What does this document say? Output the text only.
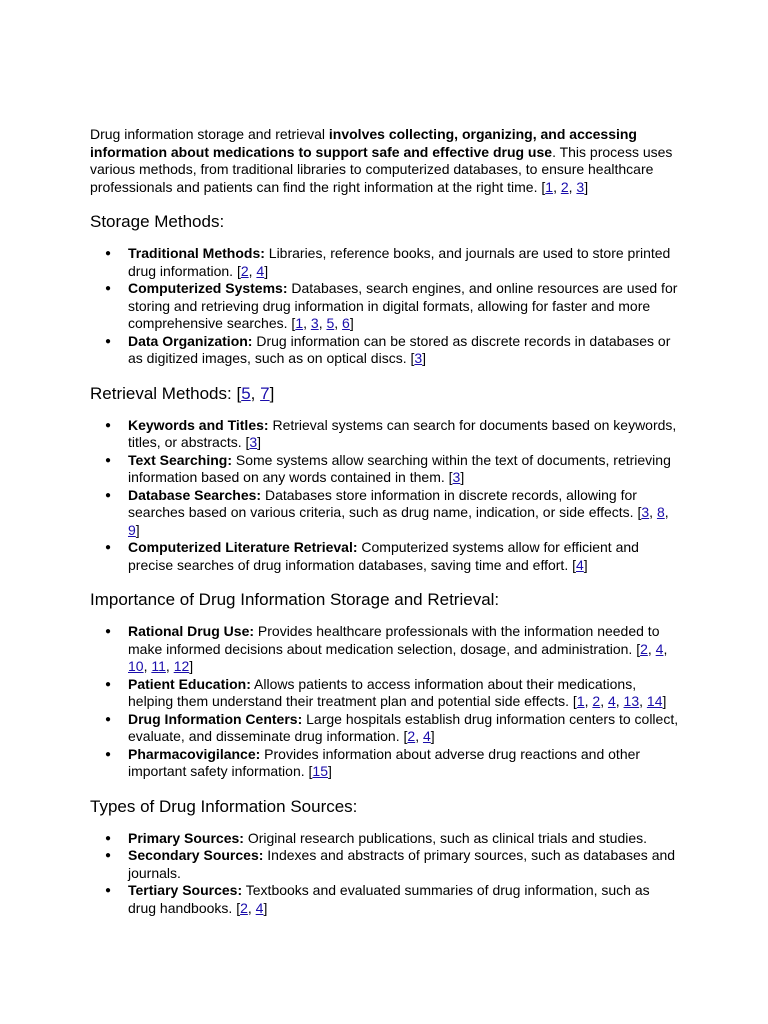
Drug information storage and retrieval involves collecting, organizing, and accessing information about medications to support safe and effective drug use. This process uses various methods, from traditional libraries to computerized databases, to ensure healthcare professionals and patients can find the right information at the right time. [1, 2, 3]

Storage Methods:
● Traditional Methods: Libraries, reference books, and journals are used to store printed drug information. [2, 4]
● Computerized Systems: Databases, search engines, and online resources are used for storing and retrieving drug information in digital formats, allowing for faster and more comprehensive searches. [1, 3, 5, 6]
● Data Organization: Drug information can be stored as discrete records in databases or as digitized images, such as on optical discs. [3]
Retrieval Methods: [5, 7]
● Keywords and Titles: Retrieval systems can search for documents based on keywords, titles, or abstracts. [3]
● Text Searching: Some systems allow searching within the text of documents, retrieving information based on any words contained in them. [3]
● Database Searches: Databases store information in discrete records, allowing for searches based on various criteria, such as drug name, indication, or side effects. [3, 8, 9]
● Computerized Literature Retrieval: Computerized systems allow for efficient and precise searches of drug information databases, saving time and effort. [4]
Importance of Drug Information Storage and Retrieval:
● Rational Drug Use: Provides healthcare professionals with the information needed to make informed decisions about medication selection, dosage, and administration. [2, 4, 10, 11, 12]
● Patient Education: Allows patients to access information about their medications, helping them understand their treatment plan and potential side effects. [1, 2, 4, 13, 14]
● Drug Information Centers: Large hospitals establish drug information centers to collect, evaluate, and disseminate drug information. [2, 4]
● Pharmacovigilance: Provides information about adverse drug reactions and other important safety information. [15]
Types of Drug Information Sources:
● Primary Sources: Original research publications, such as clinical trials and studies.
● Secondary Sources: Indexes and abstracts of primary sources, such as databases and journals.
● Tertiary Sources: Textbooks and evaluated summaries of drug information, such as drug handbooks. [2, 4]
